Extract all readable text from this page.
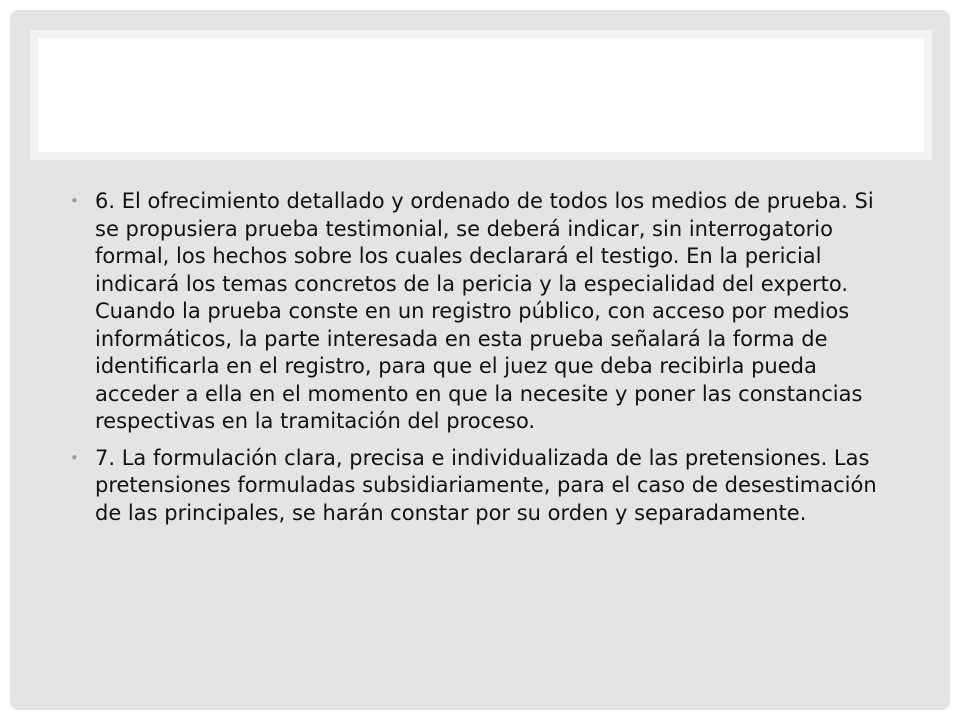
• 6. El ofrecimiento detallado y ordenado de todos los medios de prueba. Si se propusiera prueba testimonial, se deberá indicar, sin interrogatorio formal, los hechos sobre los cuales declarará el testigo. En la pericial indicará los temas concretos de la pericia y la especialidad del experto. Cuando la prueba conste en un registro público, con acceso por medios informáticos, la parte interesada en esta prueba señalará la forma de identificarla en el registro, para que el juez que deba recibirla pueda acceder a ella en el momento en que la necesite y poner las constancias respectivas en la tramitación del proceso.
• 7. La formulación clara, precisa e individualizada de las pretensiones. Las pretensiones formuladas subsidiariamente, para el caso de desestimación de las principales, se harán constar por su orden y separadamente.
